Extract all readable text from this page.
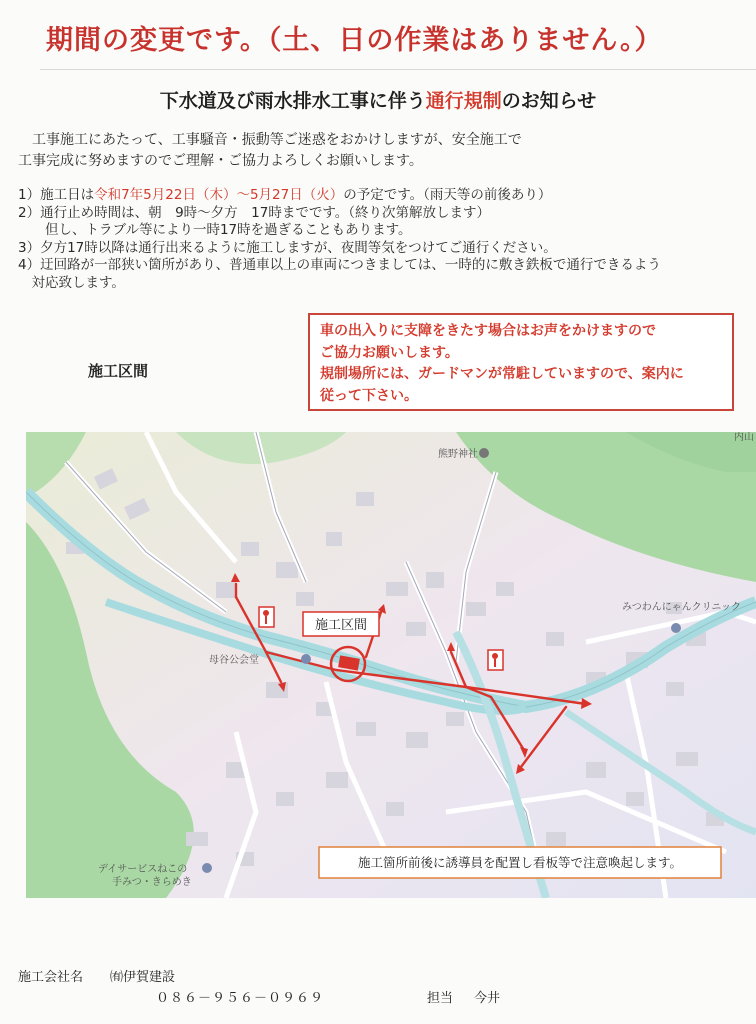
期間の変更です。（土、日の作業はありません。）
下水道及び雨水排水工事に伴う通行規制のお知らせ
　工事施工にあたって、工事騒音・振動等ご迷惑をおかけしますが、安全施工で
工事完成に努めますのでご理解・ご協力よろしくお願いします。
1）施工日は令和7年5月22日（木）～5月27日（火）の予定です。（雨天等の前後あり）
2）通行止め時間は、朝　9時～夕方　17時までです。（終り次第解放します）
　　但し、トラブル等により一時17時を過ぎることもあります。
3）夕方17時以降は通行出来るように施工しますが、夜間等気をつけてご通行ください。
4）迂回路が一部狭い箇所があり、普通車以上の車両につきましては、一時的に敷き鉄板で通行できるよう
　対応致します。
車の出入りに支障をきたす場合はお声をかけますので
ご協力お願いします。
規制場所には、ガードマンが常駐していますので、案内に
従って下さい。
施工区間
施工区間
熊野神社
内山
みつわんにゃんクリニック
母谷公会堂
デイサービスねこの
手みつ・きらめき
施工箇所前後に誘導員を配置し看板等で注意喚起します。
施工会社名 ㈲伊賀建設
０８６－９５６－０９６９	担当 今井
